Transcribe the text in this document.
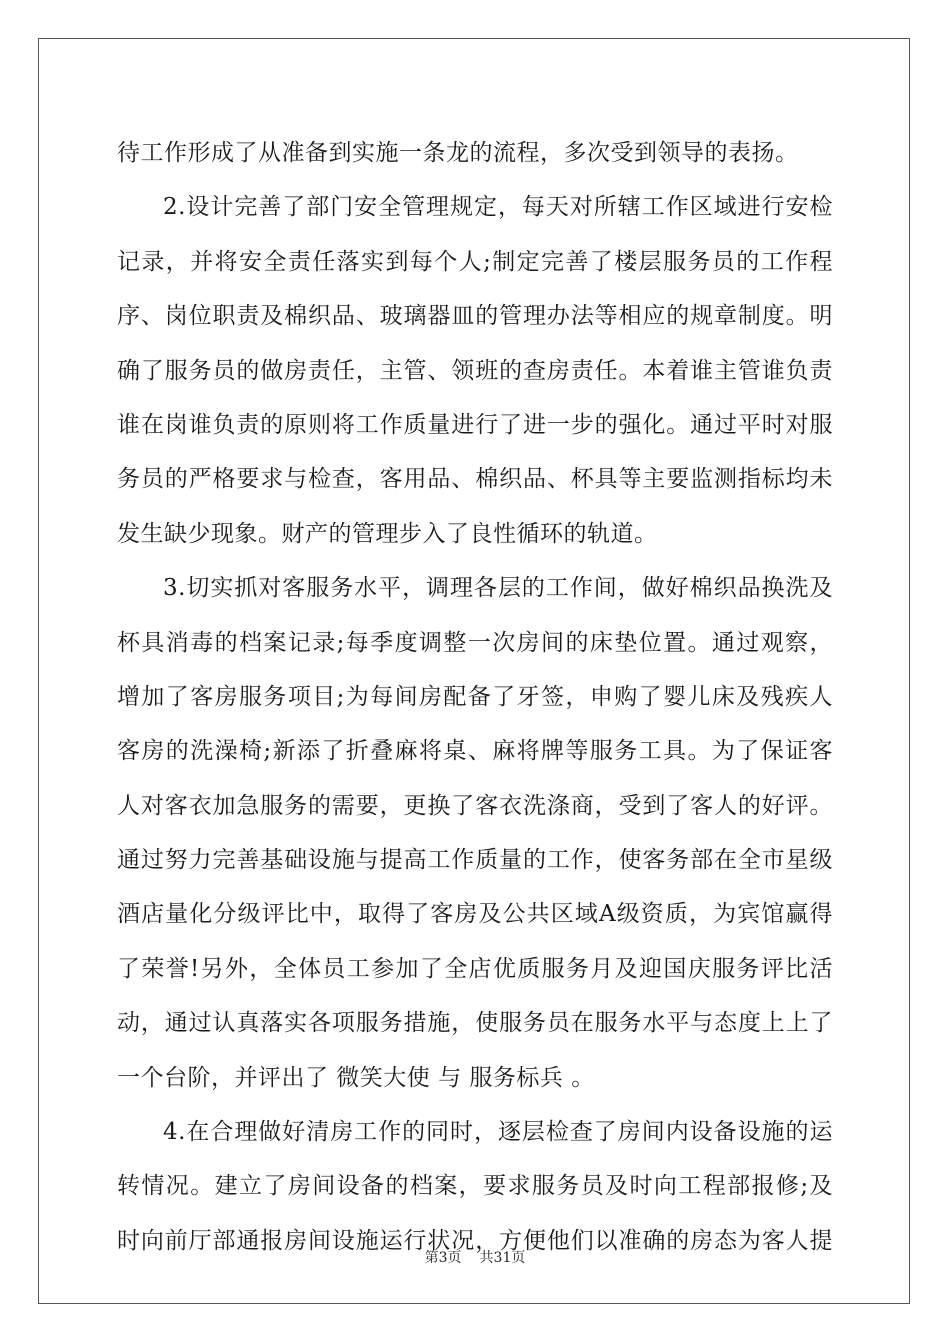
待工作形成了从准备到实施一条龙的流程，多次受到领导的表扬。
2.设计完善了部门安全管理规定，每天对所辖工作区域进行安检
记录，并将安全责任落实到每个人;制定完善了楼层服务员的工作程
序、岗位职责及棉织品、玻璃器皿的管理办法等相应的规章制度。明
确了服务员的做房责任，主管、领班的查房责任。本着谁主管谁负责
谁在岗谁负责的原则将工作质量进行了进一步的强化。通过平时对服
务员的严格要求与检查，客用品、棉织品、杯具等主要监测指标均未
发生缺少现象。财产的管理步入了良性循环的轨道。
3.切实抓对客服务水平，调理各层的工作间，做好棉织品换洗及
杯具消毒的档案记录;每季度调整一次房间的床垫位置。通过观察，
增加了客房服务项目;为每间房配备了牙签，申购了婴儿床及残疾人
客房的洗澡椅;新添了折叠麻将桌、麻将牌等服务工具。为了保证客
人对客衣加急服务的需要，更换了客衣洗涤商，受到了客人的好评。
通过努力完善基础设施与提高工作质量的工作，使客务部在全市星级
酒店量化分级评比中，取得了客房及公共区域A级资质，为宾馆赢得
了荣誉!另外，全体员工参加了全店优质服务月及迎国庆服务评比活
动，通过认真落实各项服务措施，使服务员在服务水平与态度上上了
一个台阶，并评出了 微笑大使 与 服务标兵 。
4.在合理做好清房工作的同时，逐层检查了房间内设备设施的运
转情况。建立了房间设备的档案，要求服务员及时向工程部报修;及
时向前厅部通报房间设施运行状况，方便他们以准确的房态为客人提
第3页 共31页
